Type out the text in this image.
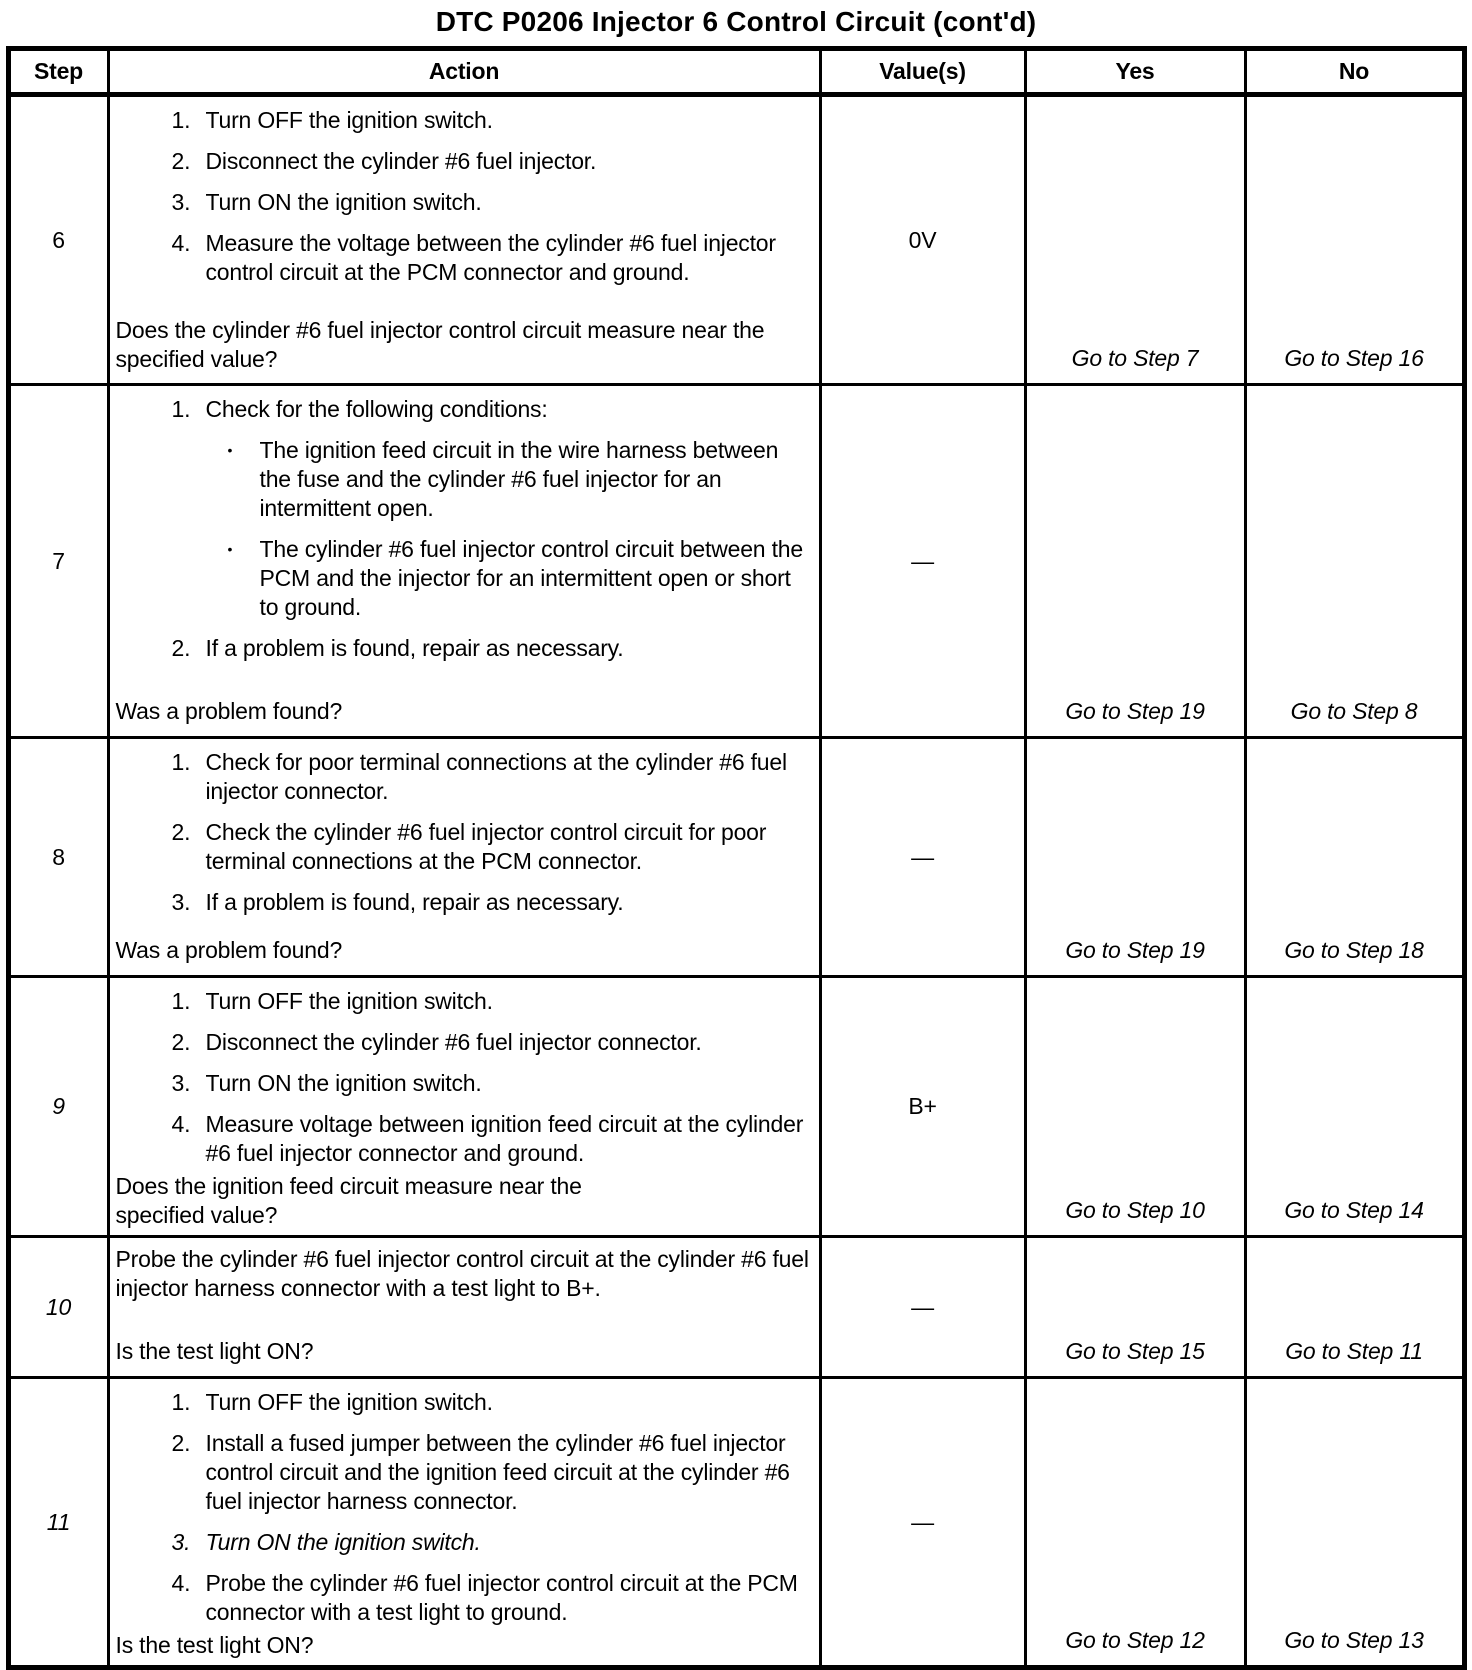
DTC P0206 Injector 6 Control Circuit (cont'd)
Step	Action	Value(s)	Yes	No
6	
1. Turn OFF the ignition switch.
2. Disconnect the cylinder #6 fuel injector.
3. Turn ON the ignition switch.
4. Measure the voltage between the cylinder #6 fuel injector control circuit at the PCM connector and ground.
Does the cylinder #6 fuel injector control circuit measure near the specified value?
	0V	Go to Step 7	Go to Step 16
7	
1. Check for the following conditions:
•	The ignition feed circuit in the wire harness between the fuse and the cylinder #6 fuel injector for an intermittent open.
•	The cylinder #6 fuel injector control circuit between the PCM and the injector for an intermittent open or short to ground.
2. If a problem is found, repair as necessary.
Was a problem found?
	—	Go to Step 19	Go to Step 8
8	
1. Check for poor terminal connections at the cylinder #6 fuel injector connector.
2. Check the cylinder #6 fuel injector control circuit for poor terminal connections at the PCM connector.
3. If a problem is found, repair as necessary.
Was a problem found?
	—	Go to Step 19	Go to Step 18
9	
1. Turn OFF the ignition switch.
2. Disconnect the cylinder #6 fuel injector connector.
3. Turn ON the ignition switch.
4. Measure voltage between ignition feed circuit at the cylinder #6 fuel injector connector and ground.
Does the ignition feed circuit measure near the specified value?
	B+	Go to Step 10	Go to Step 14
10	Probe the cylinder #6 fuel injector control circuit at the cylinder #6 fuel injector harness connector with a test light to B+.
Is the test light ON?	—	Go to Step 15	Go to Step 11
11	
1. Turn OFF the ignition switch.
2. Install a fused jumper between the cylinder #6 fuel injector control circuit and the ignition feed circuit at the cylinder #6 fuel injector harness connector.
3. Turn ON the ignition switch.
4. Probe the cylinder #6 fuel injector control circuit at the PCM connector with a test light to ground.
Is the test light ON?
	—	Go to Step 12	Go to Step 13
